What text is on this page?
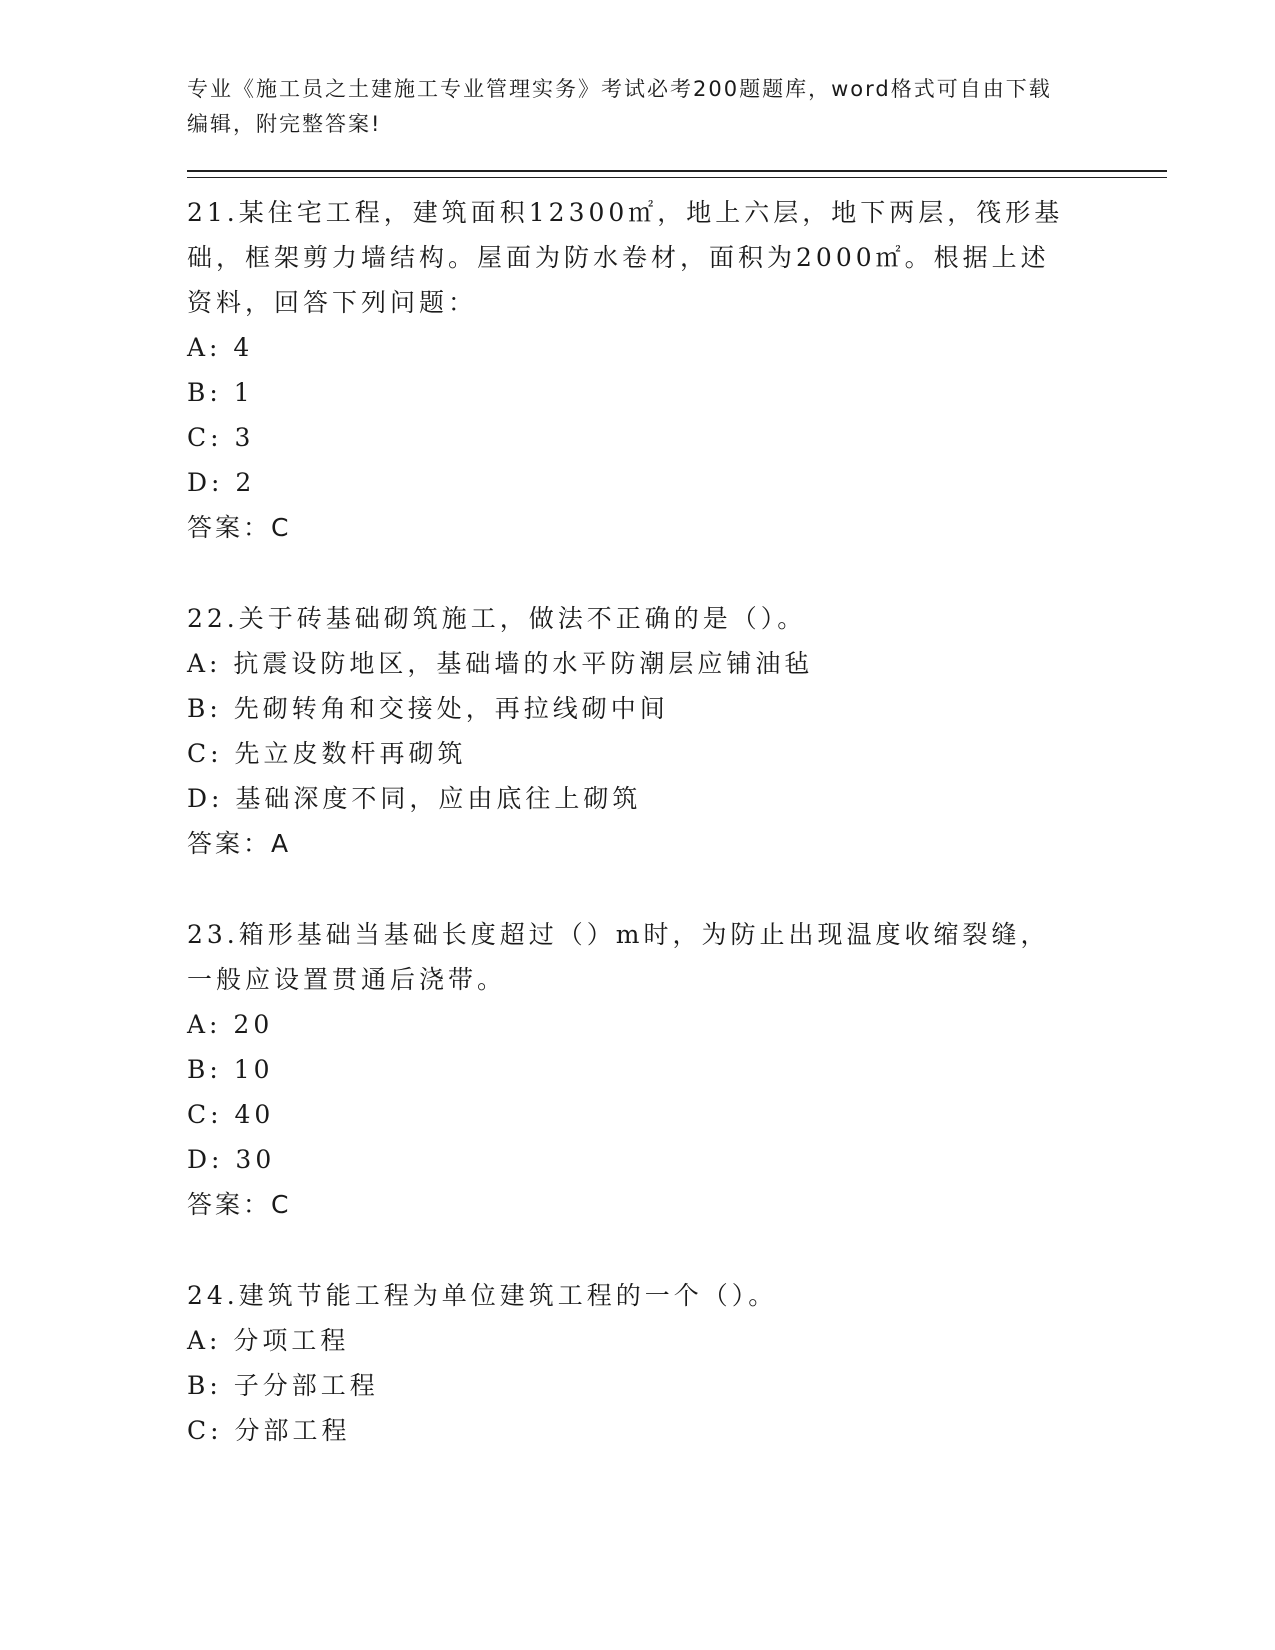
专业《施工员之土建施工专业管理实务》考试必考200题题库，word格式可自由下载编辑，附完整答案!

21.某住宅工程，建筑面积12300㎡，地上六层，地下两层，筏形基础，框架剪力墙结构。屋面为防水卷材，面积为2000㎡。根据上述资料，回答下列问题：

A: 4

B: 1

C: 3

D: 2

答案：C

22.关于砖基础砌筑施工，做法不正确的是（）。

A: 抗震设防地区，基础墙的水平防潮层应铺油毡

B: 先砌转角和交接处，再拉线砌中间

C: 先立皮数杆再砌筑

D: 基础深度不同，应由底往上砌筑

答案：A

23.箱形基础当基础长度超过（）m时，为防止出现温度收缩裂缝，一般应设置贯通后浇带。

A: 20

B: 10

C: 40

D: 30

答案：C

24.建筑节能工程为单位建筑工程的一个（）。

A: 分项工程

B: 子分部工程

C: 分部工程
